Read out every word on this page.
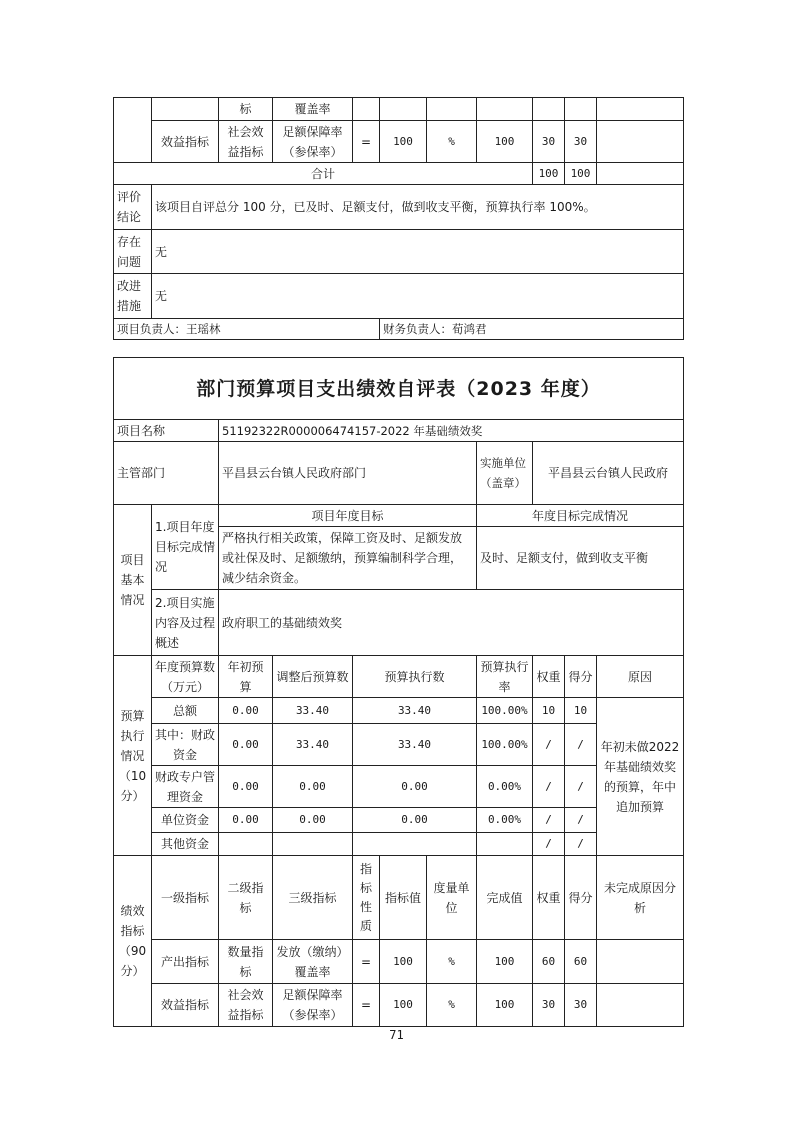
		标	覆盖率							
	效益指标	社会效益指标	足额保障率（参保率）	=	100	%	100	30	30	
合计								100	100	
评价结论	该项目自评总分 100 分，已及时、足额支付，做到收支平衡，预算执行率 100%。									
存在问题	无									
改进措施	无									
项目负责人：王瑶林					财务负责人：荀鸿君					
部门预算项目支出绩效自评表（2023 年度）										
项目名称		51192322R000006474157-2022 年基础绩效奖								
主管部门		平昌县云台镇人民政府部门					实施单位（盖章）	平昌县云台镇人民政府		
项目基本情况	1.项目年度目标完成情况	项目年度目标					年度目标完成情况			
		严格执行相关政策，保障工资及时、足额发放或社保及时、足额缴纳，预算编制科学合理，减少结余资金。					及时、足额支付，做到收支平衡			
	2.项目实施内容及过程概述	政府职工的基础绩效奖								
预算执行情况（10分）	年度预算数（万元）	年初预算	调整后预算数	预算执行数			预算执行率	权重	得分	原因
	总额	0.00	33.40	33.40			100.00%	10	10	年初未做2022 年基础绩效奖的预算，年中追加预算
	其中：财政资金	0.00	33.40	33.40			100.00%	/	/	
	财政专户管理资金	0.00	0.00	0.00			0.00%	/	/	
	单位资金	0.00	0.00	0.00			0.00%	/	/	
	其他资金							/	/	
绩效指标（90分）	一级指标	二级指标	三级指标	指标性质	指标值	度量单位	完成值	权重	得分	未完成原因分析
	产出指标	数量指标	发放（缴纳）覆盖率	=	100	%	100	60	60	
	效益指标	社会效益指标	足额保障率（参保率）	=	100	%	100	30	30	
71
